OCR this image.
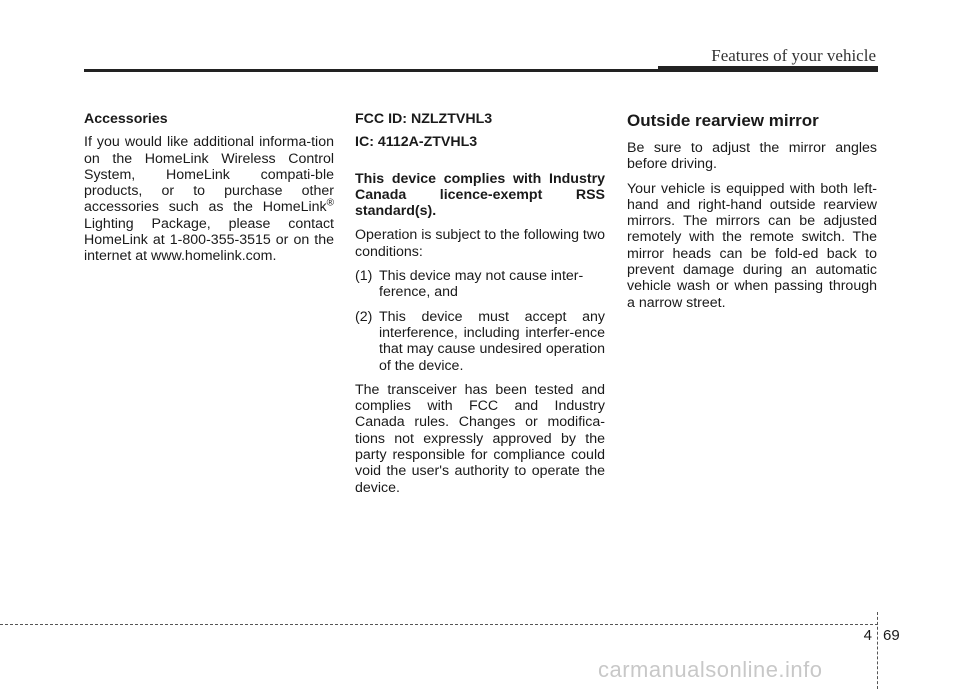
Features of your vehicle
Accessories

If you would like additional informa-tion on the HomeLink Wireless Control System, HomeLink compati-ble products, or to purchase other accessories such as the HomeLink® Lighting Package, please contact HomeLink at 1-800-355-3515 or on the internet at www.homelink.com.

FCC ID: NZLZTVHL3
IC: 4112A-ZTVHL3
This device complies with Industry Canada licence-exempt RSS standard(s).

Operation is subject to the following two conditions:

(1) This device may not cause inter-ference, and
(2) This device must accept any interference, including interfer-ence that may cause undesired operation of the device.

The transceiver has been tested and complies with FCC and Industry Canada rules. Changes or modifica-tions not expressly approved by the party responsible for compliance could void the user's authority to operate the device.

Outside rearview mirror

Be sure to adjust the mirror angles before driving.

Your vehicle is equipped with both left-hand and right-hand outside rearview mirrors. The mirrors can be adjusted remotely with the remote switch. The mirror heads can be fold-ed back to prevent damage during an automatic vehicle wash or when passing through a narrow street.

4 69
carmanualsonline.info
